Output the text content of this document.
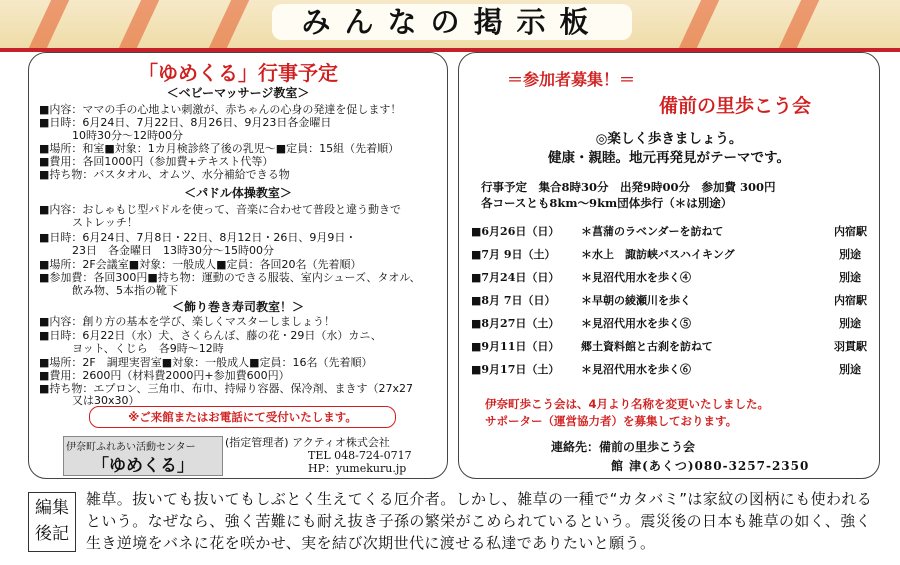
みんなの掲示板
「ゆめくる」行事予定
＜ベビーマッサージ教室＞
■内容：ママの手の心地よい刺激が、赤ちゃんの心身の発達を促します！
■日時：6月24日、7月22日、8月26日、9月23日各金曜日
　　　10時30分～12時00分
■場所：和室■対象：1カ月検診終了後の乳児～■定員：15組（先着順）
■費用：各回1000円（参加費+テキスト代等）
■持ち物：バスタオル、オムツ、水分補給できる物
＜パドル体操教室＞
■内容：おしゃもじ型パドルを使って、音楽に合わせて普段と違う動きで
　　　ストレッチ！
■日時：6月24日、7月8日・22日、8月12日・26日、9月9日・
　　　23日　各金曜日　13時30分～15時00分
■場所：2F会議室■対象：一般成人■定員：各回20名（先着順）
■参加費：各回300円■持ち物：運動のできる服装、室内シューズ、タオル、
　　　飲み物、5本指の靴下
＜飾り巻き寿司教室！＞
■内容：創り方の基本を学び、楽しくマスターしましょう！
■日時：6月22日（水）犬、さくらんぼ、藤の花・29日（水）カニ、
　　　ヨット、くじら　各9時～12時
■場所：2F　調理実習室■対象：一般成人■定員：16名（先着順）
■費用：2600円（材料費2000円+参加費600円）
■持ち物：エプロン、三角巾、布巾、持帰り容器、保冷剤、まきす（27x27
　　　又は30x30）
※ご来館またはお電話にて受付いたします。
伊奈町ふれあい活動センター
「ゆめくる」
(指定管理者) アクティオ株式会社
TEL 048-724-0717
HP：yumekuru.jp
＝参加者募集！＝
備前の里歩こう会
◎楽しく歩きましょう。
健康・親睦。地元再発見がテーマです。
行事予定　集合8時30分　出発9時00分　参加費 300円
各コースとも8km～9km団体歩行（＊は別途）
■6月26日（日） ＊菖蒲のラベンダーを訪ねて	内宿駅
■7月 9日（土） ＊水上　諏訪峡バスハイキング	別途
■7月24日（日） ＊見沼代用水を歩く④	別途
■8月 7日（日） ＊早朝の綾瀬川を歩く	内宿駅
■8月27日（土） ＊見沼代用水を歩く⑤	別途
■9月11日（日） 郷土資料館と古刹を訪ねて	羽貫駅
■9月17日（土） ＊見沼代用水を歩く⑥	別途
伊奈町歩こう会は、4月より名称を変更いたしました。
サポーター（運営協力者）を募集しております。
連絡先：備前の里歩こう会
館 津(あくつ)080-3257-2350
編集後記
雑草。抜いても抜いてもしぶとく生えてくる厄介者。しかし、雑草の一種で“カタバミ”は家紋の図柄にも使われるという。なぜなら、強く苦難にも耐え抜き子孫の繁栄がこめられているという。震災後の日本も雑草の如く、強く生き逆境をバネに花を咲かせ、実を結び次期世代に渡せる私達でありたいと願う。
